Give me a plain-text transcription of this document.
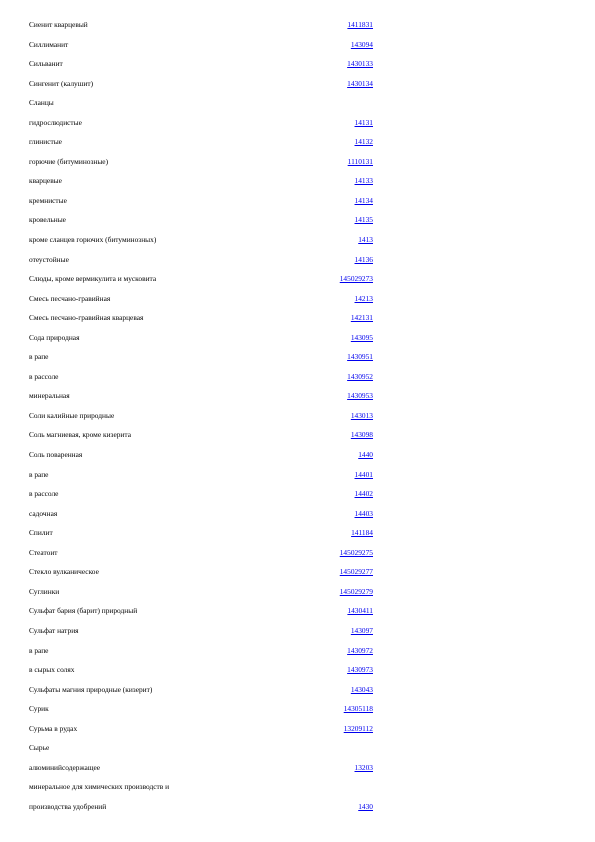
Сиенит кварцевый	1411831
Силлиманит	143094
Сильванит	1430133
Сингенит (калушит)	1430134
Сланцы
гидрослюдистые	14131
глинистые	14132
горючие (битуминозные)	1110131
кварцевые	14133
кремнистые	14134
кровельные	14135
кроме сланцев горючих (битуминозных)	1413
отеустойные	14136
Слюды, кроме вермикулита и мусковита	145029273
Смесь песчано-гравийная	14213
Смесь песчано-гравийная кварцевая	142131
Сода природная	143095
в рапе	1430951
в рассоле	1430952
минеральная	1430953
Соли калийные природные	143013
Соль магниевая, кроме кизерита	143098
Соль поваренная	1440
в рапе	14401
в рассоле	14402
садочная	14403
Спилит	141184
Стеатоит	145029275
Стекло вулканическое	145029277
Суглинки	145029279
Сульфат бария (барит) природный	1430411
Сульфат натрия	143097
в рапе	1430972
в сырых солях	1430973
Сульфаты магния природные (кизерит)	143043
Сурик	14305118
Сурьма в рудах	13209112
Сырье
алюминийсодержащее	13203
минеральное для химических производств и
производства удобрений	1430
